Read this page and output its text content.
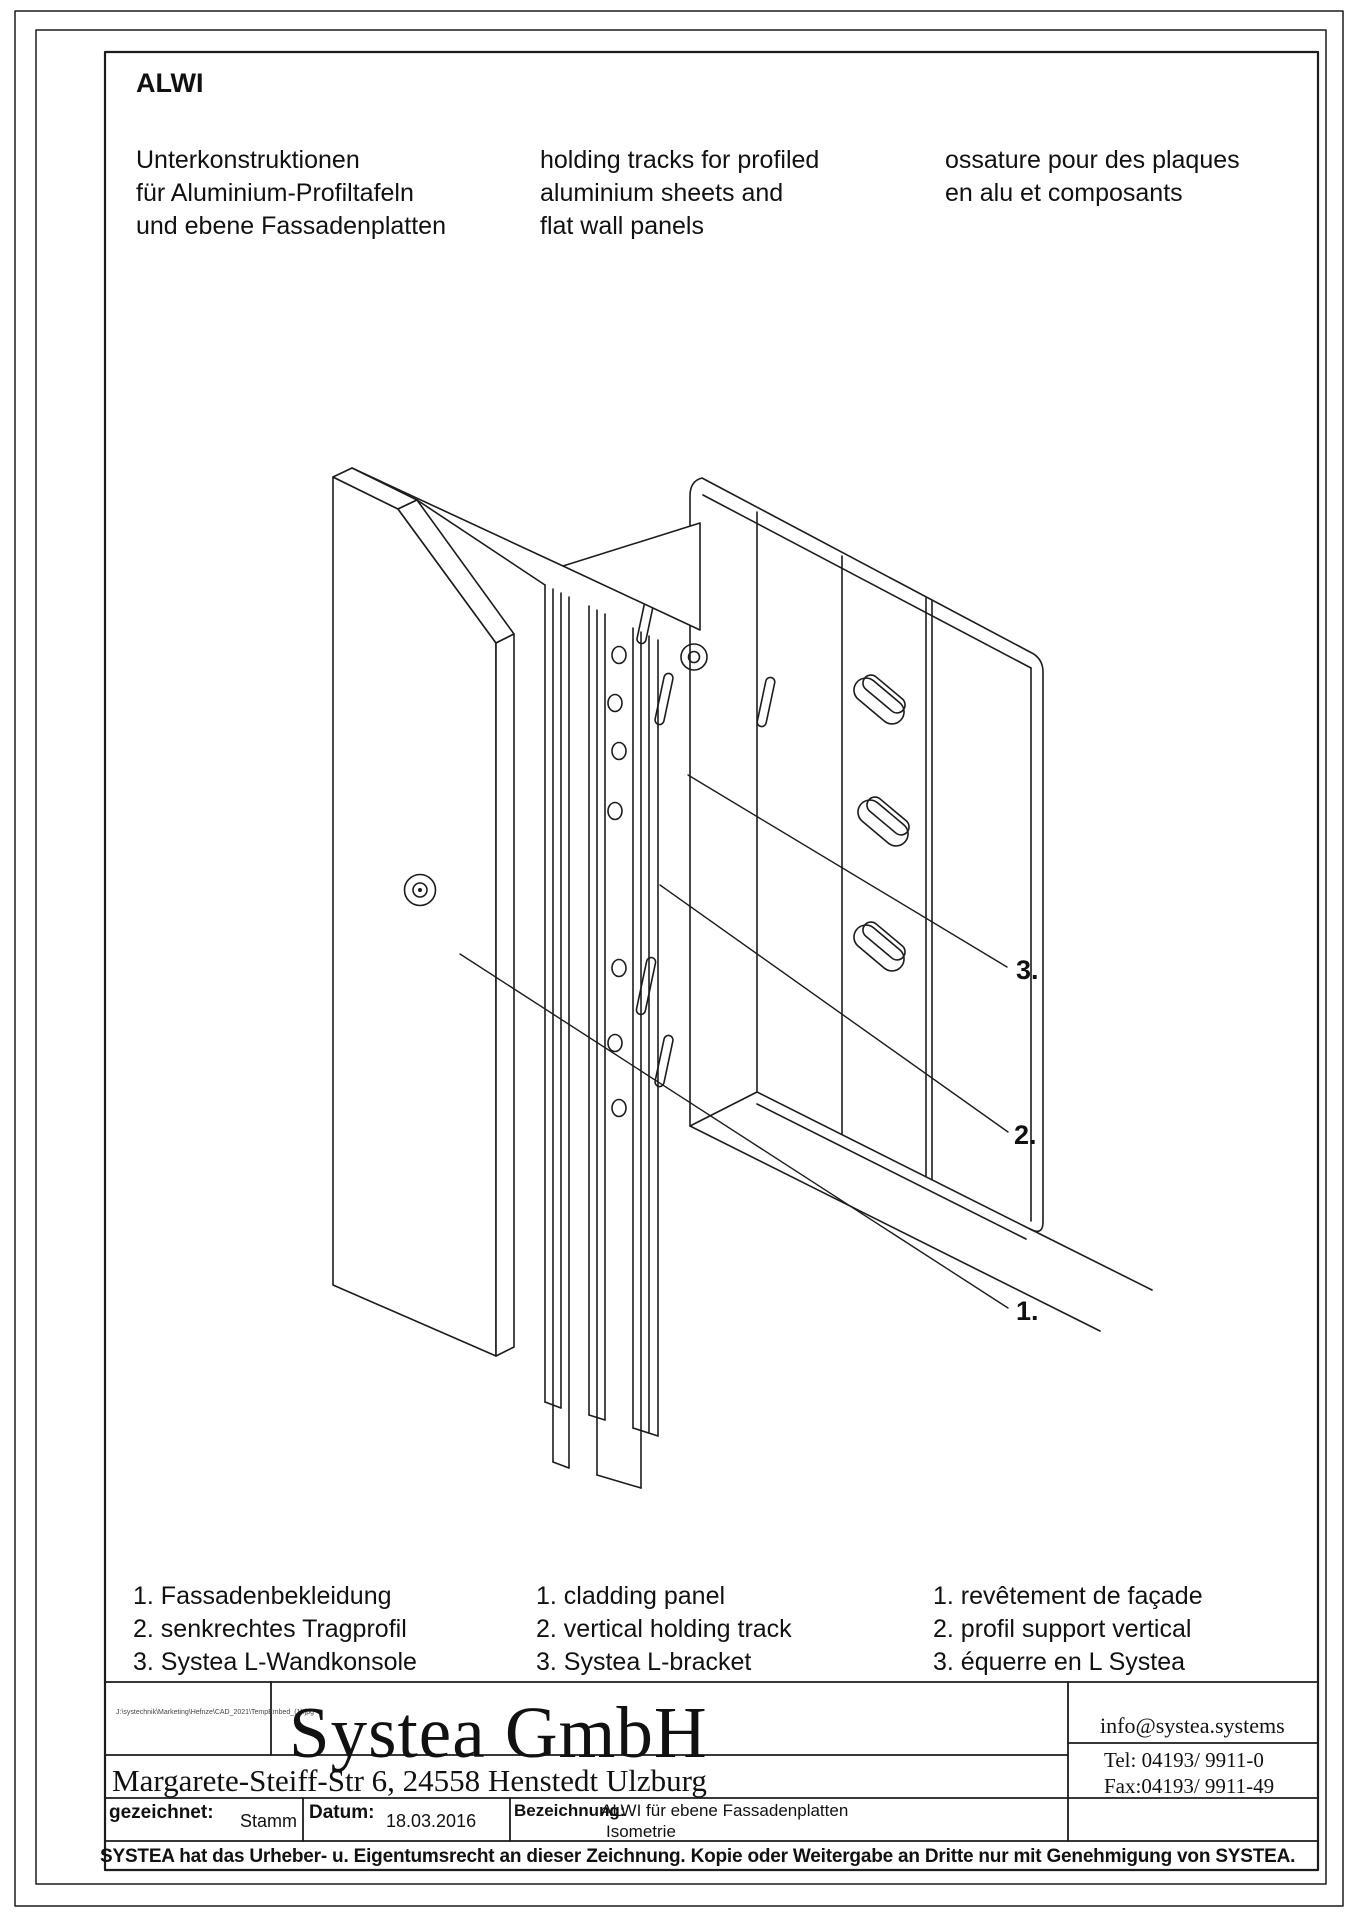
ALWI
Unterkonstruktionen
für Aluminium-Profiltafeln
und ebene Fassadenplatten
holding tracks for profiled
aluminium sheets and
flat wall panels
ossature pour des plaques
en alu et composants
3.
2.
1.
1. Fassadenbekleidung
2. senkrechtes Tragprofil
3. Systea L-Wandkonsole
1. cladding panel
2. vertical holding track
3. Systea L-bracket
1. revêtement de façade
2. profil support vertical
3. équerre en L Systea
J:\systechnik\Marketing\Hefnze\CAD_2021\TempEmbed_(1).jpg
Systea GmbH	info@systea.systems
Tel: 04193/ 9911-0
Fax:04193/ 9911-49
Margarete-Steiff-Str 6, 24558 Henstedt Ulzburg
gezeichnet: Stamm Datum: 18.03.2016
Bezeichnung:
ALWI für ebene Fassadenplatten
Isometrie
SYSTEA hat das Urheber- u. Eigentumsrecht an dieser Zeichnung. Kopie oder Weitergabe an Dritte nur mit Genehmigung von SYSTEA.
